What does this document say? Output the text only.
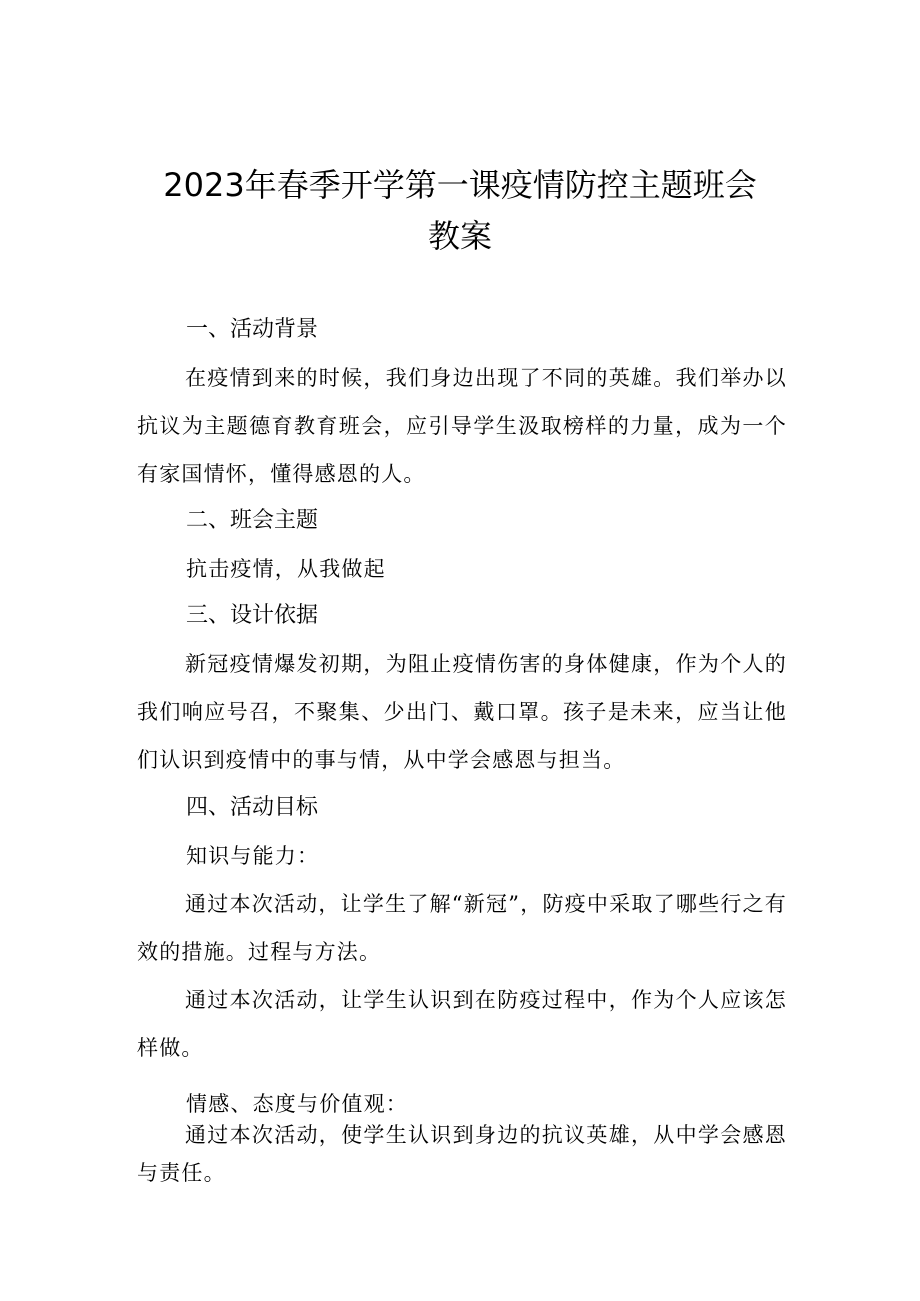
2023年春季开学第一课疫情防控主题班会
教案
一、活动背景
在疫情到来的时候，我们身边出现了不同的英雄。我们举办以抗议为主题德育教育班会，应引导学生汲取榜样的力量，成为一个有家国情怀，懂得感恩的人。
二、班会主题
抗击疫情，从我做起
三、设计依据
新冠疫情爆发初期，为阻止疫情伤害的身体健康，作为个人的我们响应号召，不聚集、少出门、戴口罩。孩子是未来，应当让他们认识到疫情中的事与情，从中学会感恩与担当。
四、活动目标
知识与能力：
通过本次活动，让学生了解“新冠”，防疫中采取了哪些行之有效的措施。过程与方法。
通过本次活动，让学生认识到在防疫过程中，作为个人应该怎样做。
情感、态度与价值观：
通过本次活动，使学生认识到身边的抗议英雄，从中学会感恩与责任。
